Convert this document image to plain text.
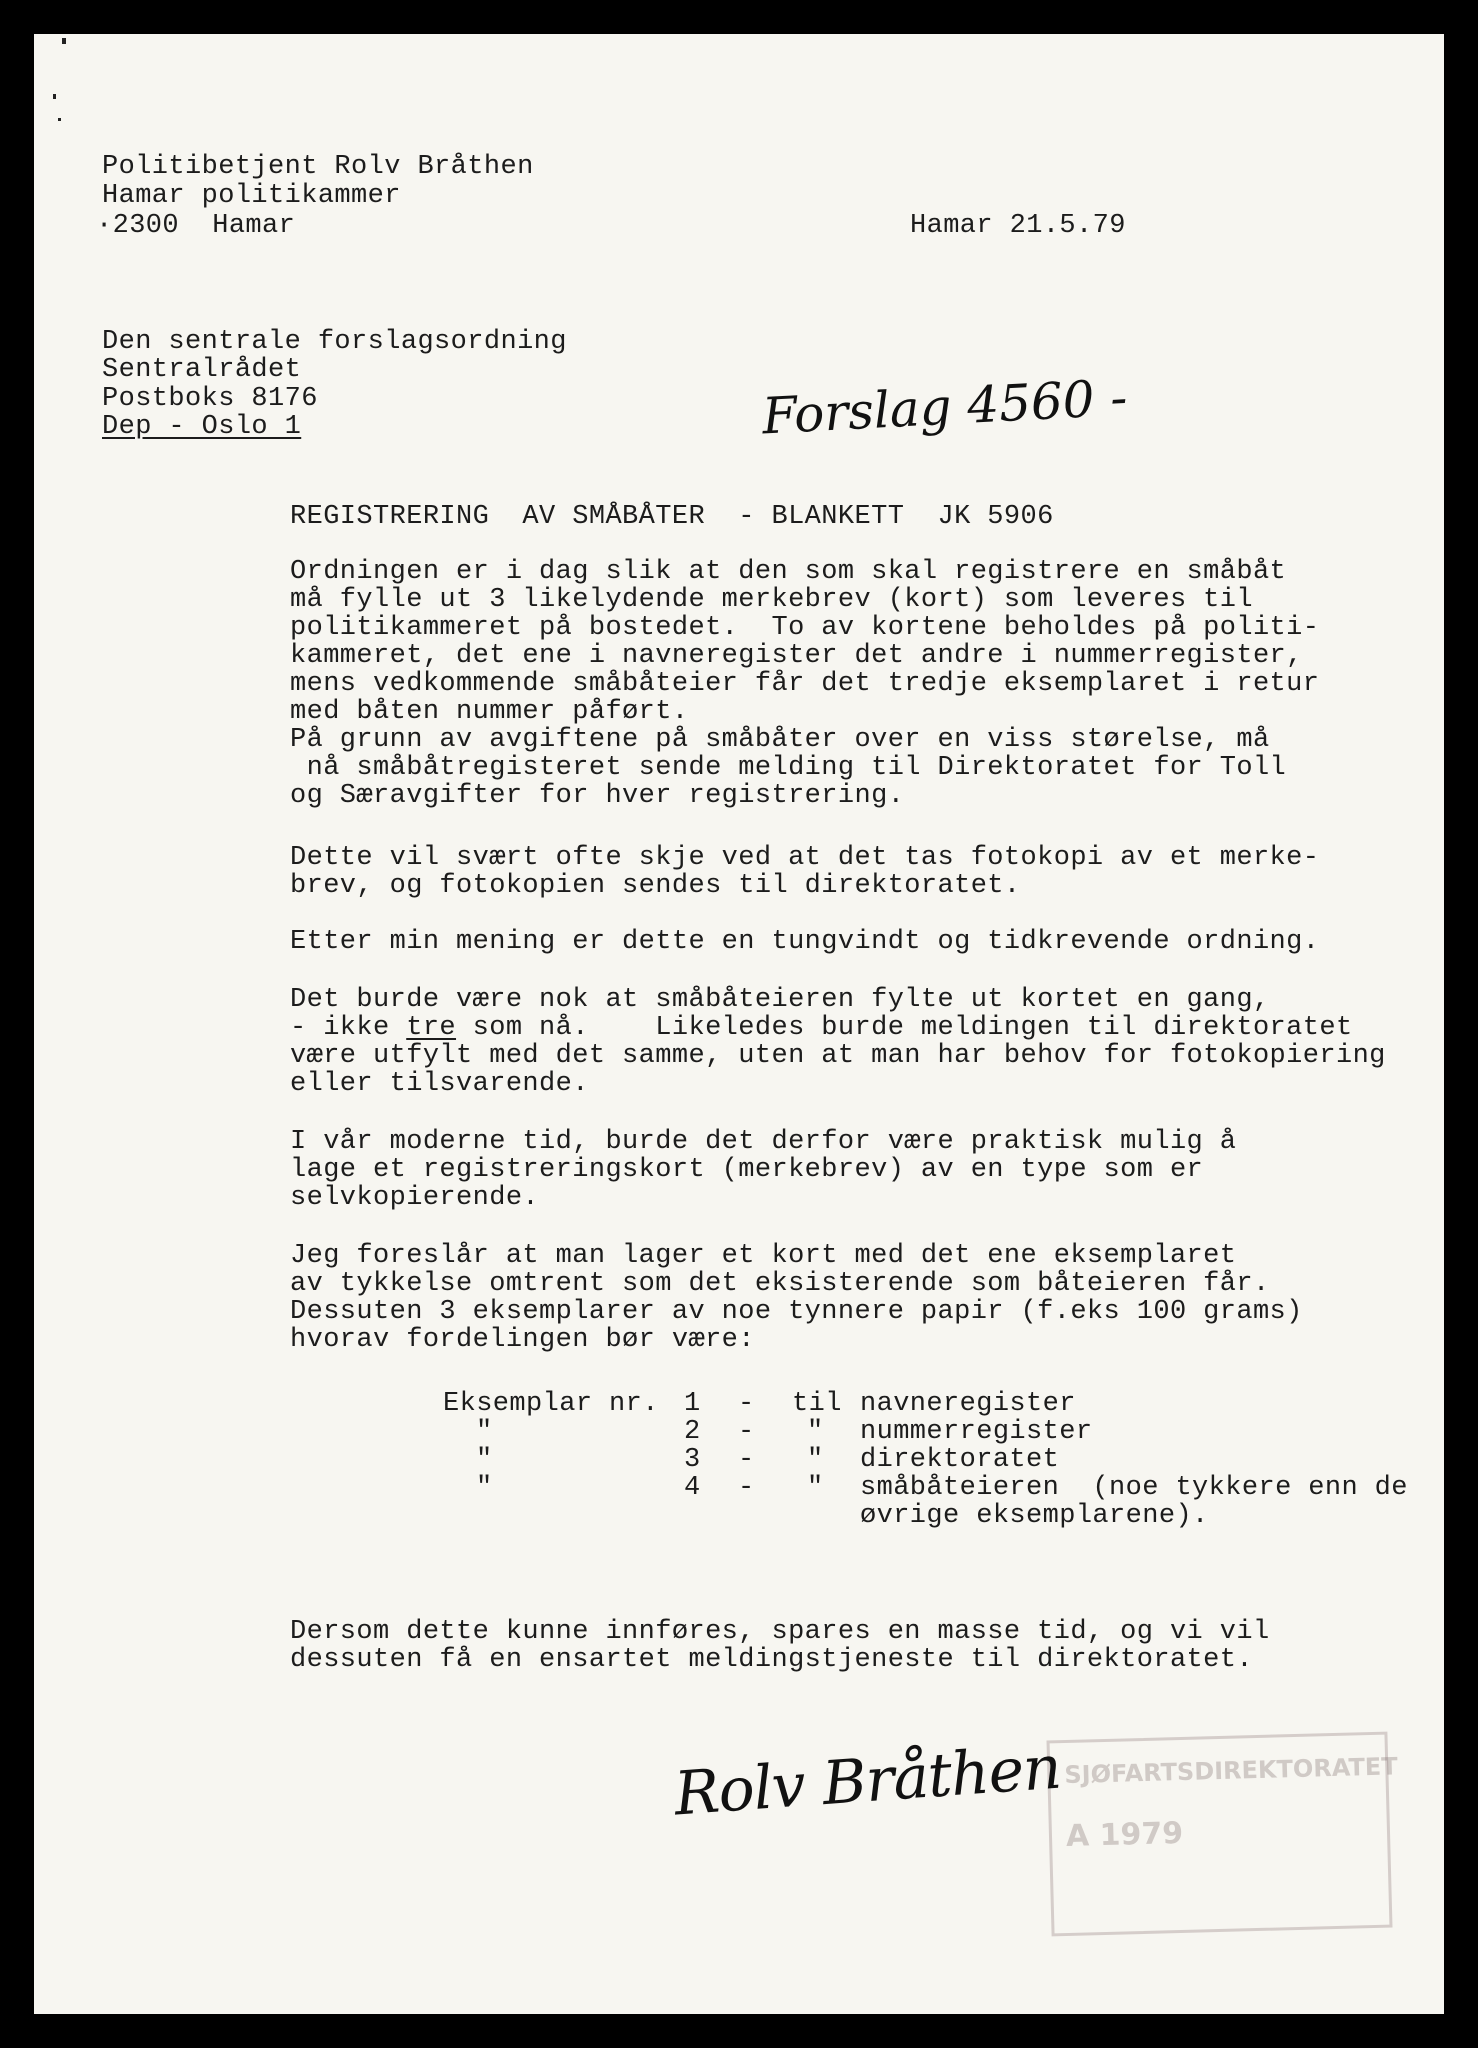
Politibetjent Rolv Bråthen
Hamar politikammer
·2300  Hamar	Hamar 21.5.79
Den sentrale forslagsordning
Sentralrådet
Postboks 8176
Dep - Oslo 1	Forslag 4560 -
REGISTRERING  AV SMÅBÅTER  - BLANKETT  JK 5906
Ordningen er i dag slik at den som skal registrere en småbåt
må fylle ut 3 likelydende merkebrev (kort) som leveres til
politikammeret på bostedet.  To av kortene beholdes på politi-
kammeret, det ene i navneregister det andre i nummerregister,
mens vedkommende småbåteier får det tredje eksemplaret i retur
med båten nummer påført.
På grunn av avgiftene på småbåter over en viss størelse, må
nå småbåtregisteret sende melding til Direktoratet for Toll
og Særavgifter for hver registrering.
Dette vil svært ofte skje ved at det tas fotokopi av et merke-
brev, og fotokopien sendes til direktoratet.
Etter min mening er dette en tungvindt og tidkrevende ordning.
Det burde være nok at småbåteieren fylte ut kortet en gang,
- ikke tre som nå.    Likeledes burde meldingen til direktoratet
være utfylt med det samme, uten at man har behov for fotokopiering
eller tilsvarende.
I vår moderne tid, burde det derfor være praktisk mulig å
lage et registreringskort (merkebrev) av en type som er
selvkopierende.
Jeg foreslår at man lager et kort med det ene eksemplaret
av tykkelse omtrent som det eksisterende som båteieren får.
Dessuten 3 eksemplarer av noe tynnere papir (f.eks 100 grams)
hvorav fordelingen bør være:
Eksemplar nr. 1 - til navneregister
"	2 - " nummerregister
"	3 - " direktoratet
"	4 - " småbåteieren  (noe tykkere enn de
øvrige eksemplarene).
Dersom dette kunne innføres, spares en masse tid, og vi vil
dessuten få en ensartet meldingstjeneste til direktoratet.
SJØFARTSDIREKTORATET
A 1979
Rolv Bråthen
